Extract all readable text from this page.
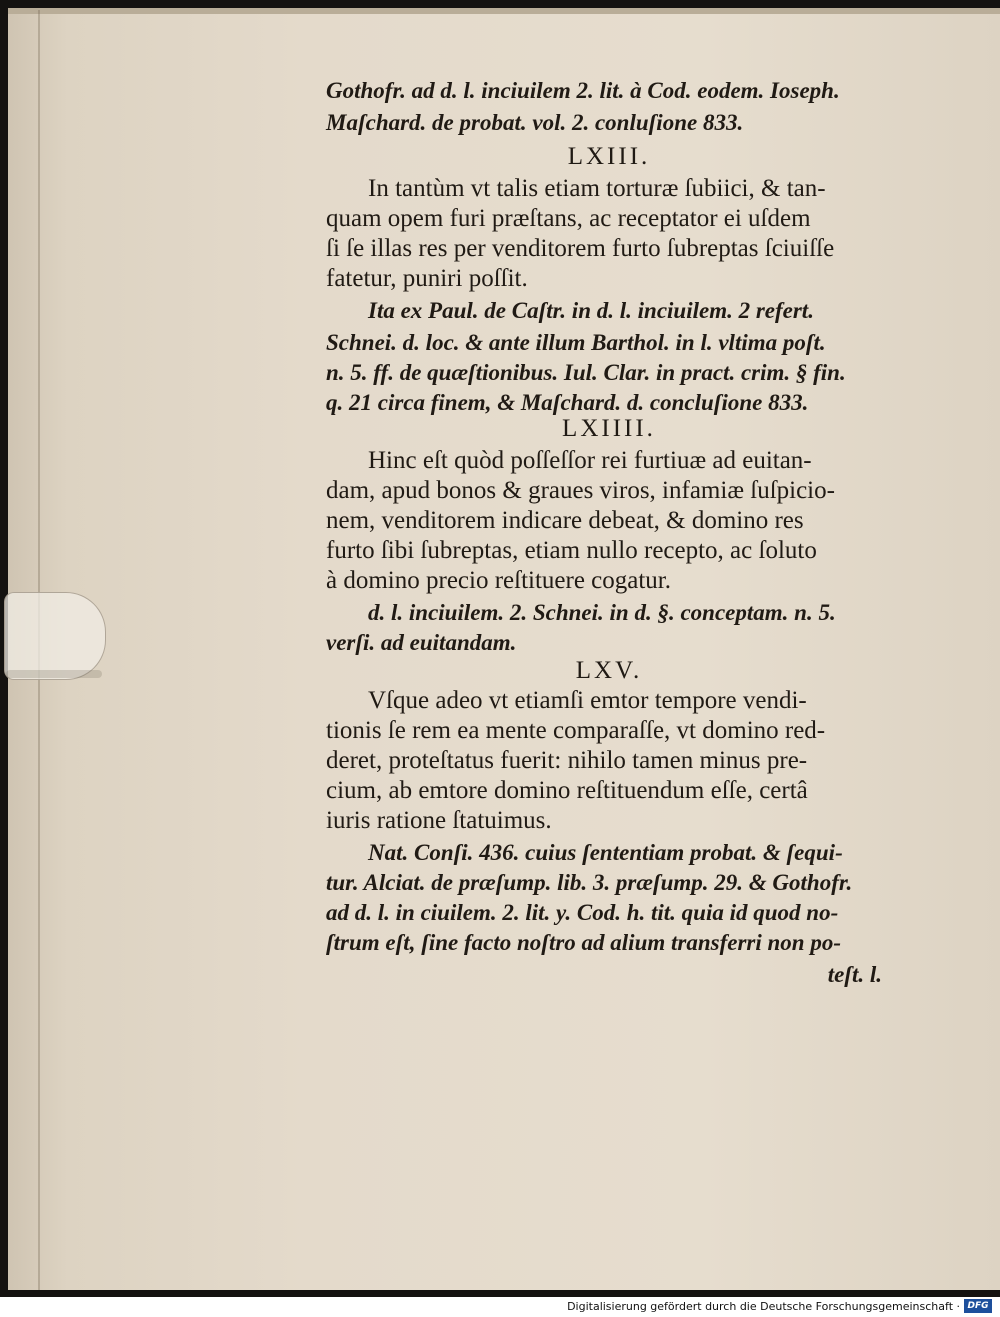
Gothofr. ad d. l. inciuilem 2. lit. à Cod. eodem. Ioseph.
Maſchard. de probat. vol. 2. conluſione 833.
LXIII.
In tantùm vt talis etiam torturæ ſubiici, & tan-
quam opem furi præſtans, ac receptator ei uſdem
ſi ſe illas res per venditorem furto ſubreptas ſciuiſſe
fatetur, puniri poſſit.
Ita ex Paul. de Caſtr. in d. l. inciuilem. 2 refert.
Schnei. d. loc. & ante illum Barthol. in l. vltima poſt.
n. 5. ff. de quæſtionibus. Iul. Clar. in pract. crim. § fin.
q. 21 circa finem, & Maſchard. d. concluſione 833.
LXIIII.
Hinc eſt quòd poſſeſſor rei furtiuæ ad euitan-
dam, apud bonos & graues viros, infamiæ ſuſpicio-
nem, venditorem indicare debeat, & domino res
furto ſibi ſubreptas, etiam nullo recepto, ac ſoluto
à domino precio reſtituere cogatur.
d. l. inciuilem. 2. Schnei. in d. §. conceptam. n. 5.
verſi. ad euitandam.
LXV.
Vſque adeo vt etiamſi emtor tempore vendi-
tionis ſe rem ea mente comparaſſe, vt domino red-
deret, proteſtatus fuerit: nihilo tamen minus pre-
cium, ab emtore domino reſtituendum eſſe, certâ
iuris ratione ſtatuimus.
Nat. Conſi. 436. cuius ſententiam probat. & ſequi-
tur. Alciat. de præſump. lib. 3. præſump. 29. & Gothofr.
ad d. l. in ciuilem. 2. lit. y. Cod. h. tit. quia id quod no-
ſtrum eſt, ſine facto noſtro ad alium transferri non po-
teſt. l.
Digitalisierung gefördert durch die Deutsche Forschungsgemeinschaft · DFG
